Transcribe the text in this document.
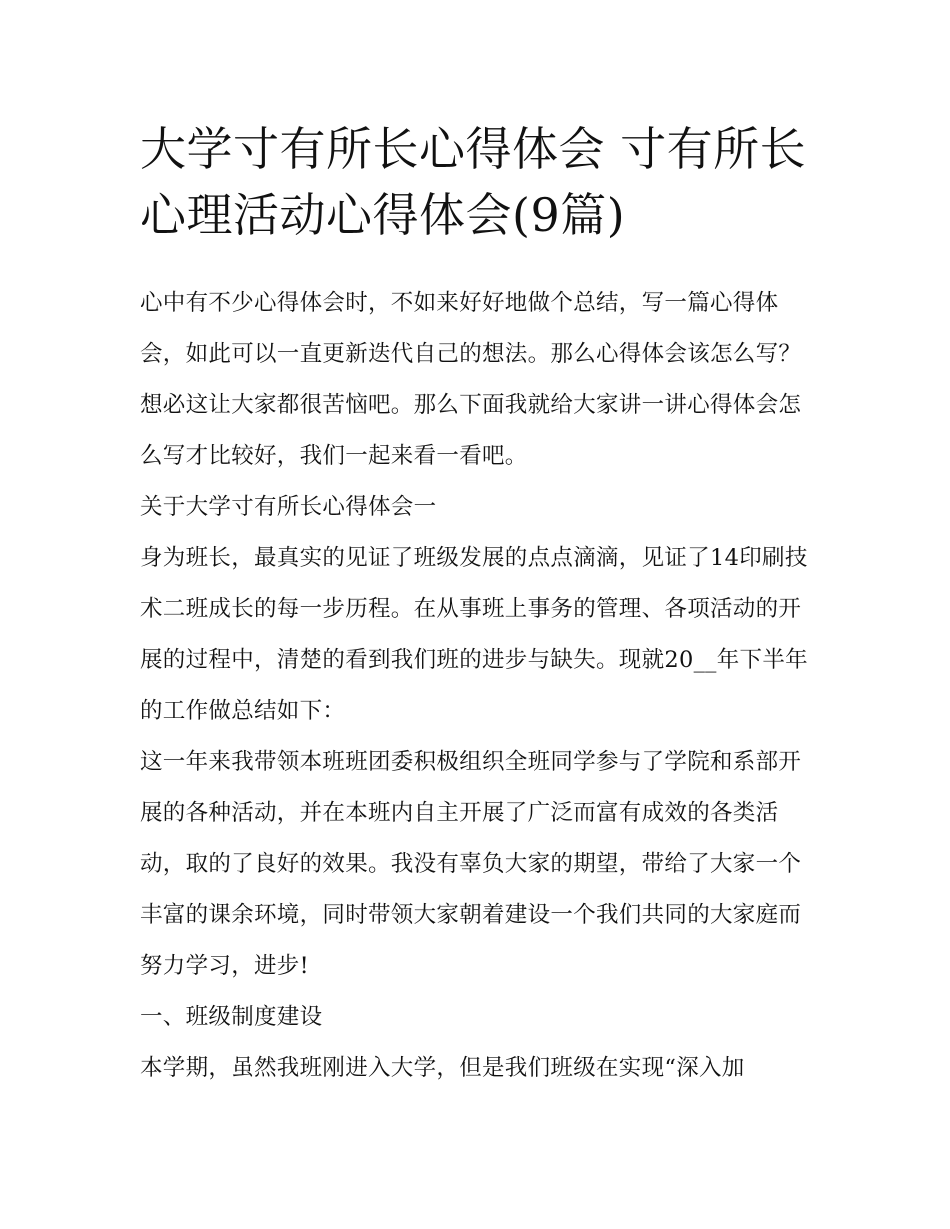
大学寸有所长心得体会 寸有所长心理活动心得体会(9篇)

心中有不少心得体会时，不如来好好地做个总结，写一篇心得体会，如此可以一直更新迭代自己的想法。那么心得体会该怎么写？想必这让大家都很苦恼吧。那么下面我就给大家讲一讲心得体会怎么写才比较好，我们一起来看一看吧。

关于大学寸有所长心得体会一

身为班长，最真实的见证了班级发展的点点滴滴，见证了14印刷技术二班成长的每一步历程。在从事班上事务的管理、各项活动的开展的过程中，清楚的看到我们班的进步与缺失。现就20__年下半年的工作做总结如下：

这一年来我带领本班班团委积极组织全班同学参与了学院和系部开展的各种活动，并在本班内自主开展了广泛而富有成效的各类活动，取的了良好的效果。我没有辜负大家的期望，带给了大家一个丰富的课余环境，同时带领大家朝着建设一个我们共同的大家庭而努力学习，进步!

一、班级制度建设

本学期，虽然我班刚进入大学，但是我们班级在实现“深入加
